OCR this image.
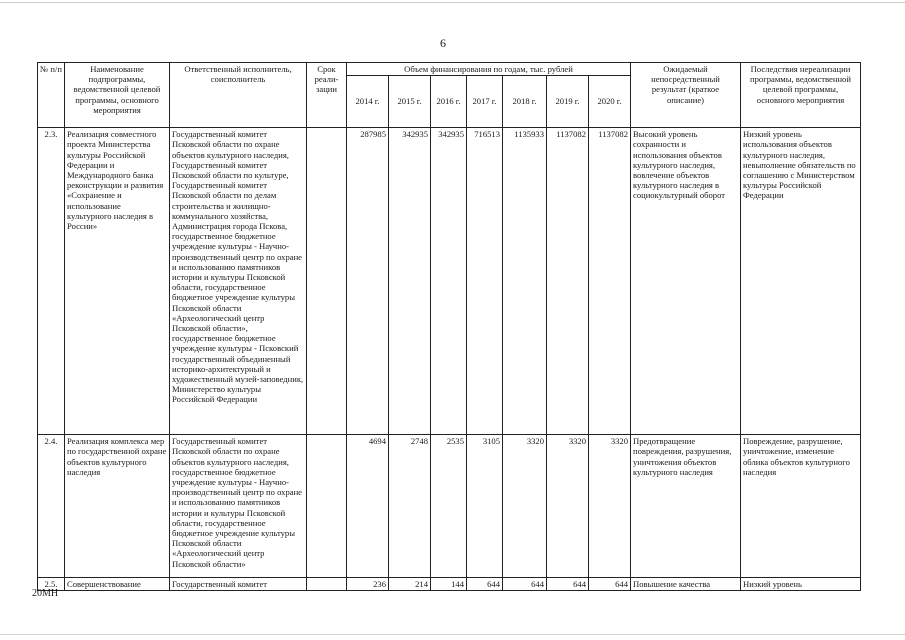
6
№ п/п	Наименование подпрограммы, ведомственной целевой программы, основного мероприятия	Ответственный исполнитель, соисполнитель	Срок реали-зации	Объем финансирования по годам, тыс. рублей							Ожидаемый непосредственный результат (краткое описание)	Последствия нереализации программы, ведомственной целевой программы, основного мероприятия
				2014 г.	2015 г.	2016 г.	2017 г.	2018 г.	2019 г.	2020 г.		
2.3.	Реализация совместного проекта Министерства культуры Российской Федерации и Международного банка реконструкции и развития «Сохранение и использование культурного наследия в России»	Государственный комитет Псковской области по охране объектов культурного наследия, Государственный комитет Псковской области по культуре, Государственный комитет Псковской области по делам строительства и жилищно-коммунального хозяйства, Администрация города Пскова, государственное бюджетное учреждение культуры - Научно-производственный центр по охране и использованию памятников истории и культуры Псковской области, государственное бюджетное учреждение культуры Псковской области «Археологический центр Псковской области», государственное бюджетное учреждение культуры - Псковский государственный объединенный историко-архитектурный и художественный музей-заповедник, Министерство культуры Российской Федерации		287985	342935	342935	716513	1135933	1137082	1137082	Высокий уровень сохранности и использования объектов культурного наследия, вовлечение объектов культурного наследия в социокультурный оборот	Низкий уровень использования объектов культурного наследия, невыполнение обязательств по соглашению с Министерством культуры Российской Федерации
2.4.	Реализация комплекса мер по государственной охране объектов культурного наследия	Государственный комитет Псковской области по охране объектов культурного наследия, государственное бюджетное учреждение культуры - Научно-производственный центр по охране и использованию памятников истории и культуры Псковской области, государственное бюджетное учреждение культуры Псковской области «Археологический центр Псковской области»		4694	2748	2535	3105	3320	3320	3320	Предотвращение повреждения, разрушения, уничтожения объектов культурного наследия	Повреждение, разрушение, уничтожение, изменение облика объектов культурного наследия
2.5.	Совершенствование	Государственный комитет		236	214	144	644	644	644	644	Повышение качества	Низкий уровень
20МН
